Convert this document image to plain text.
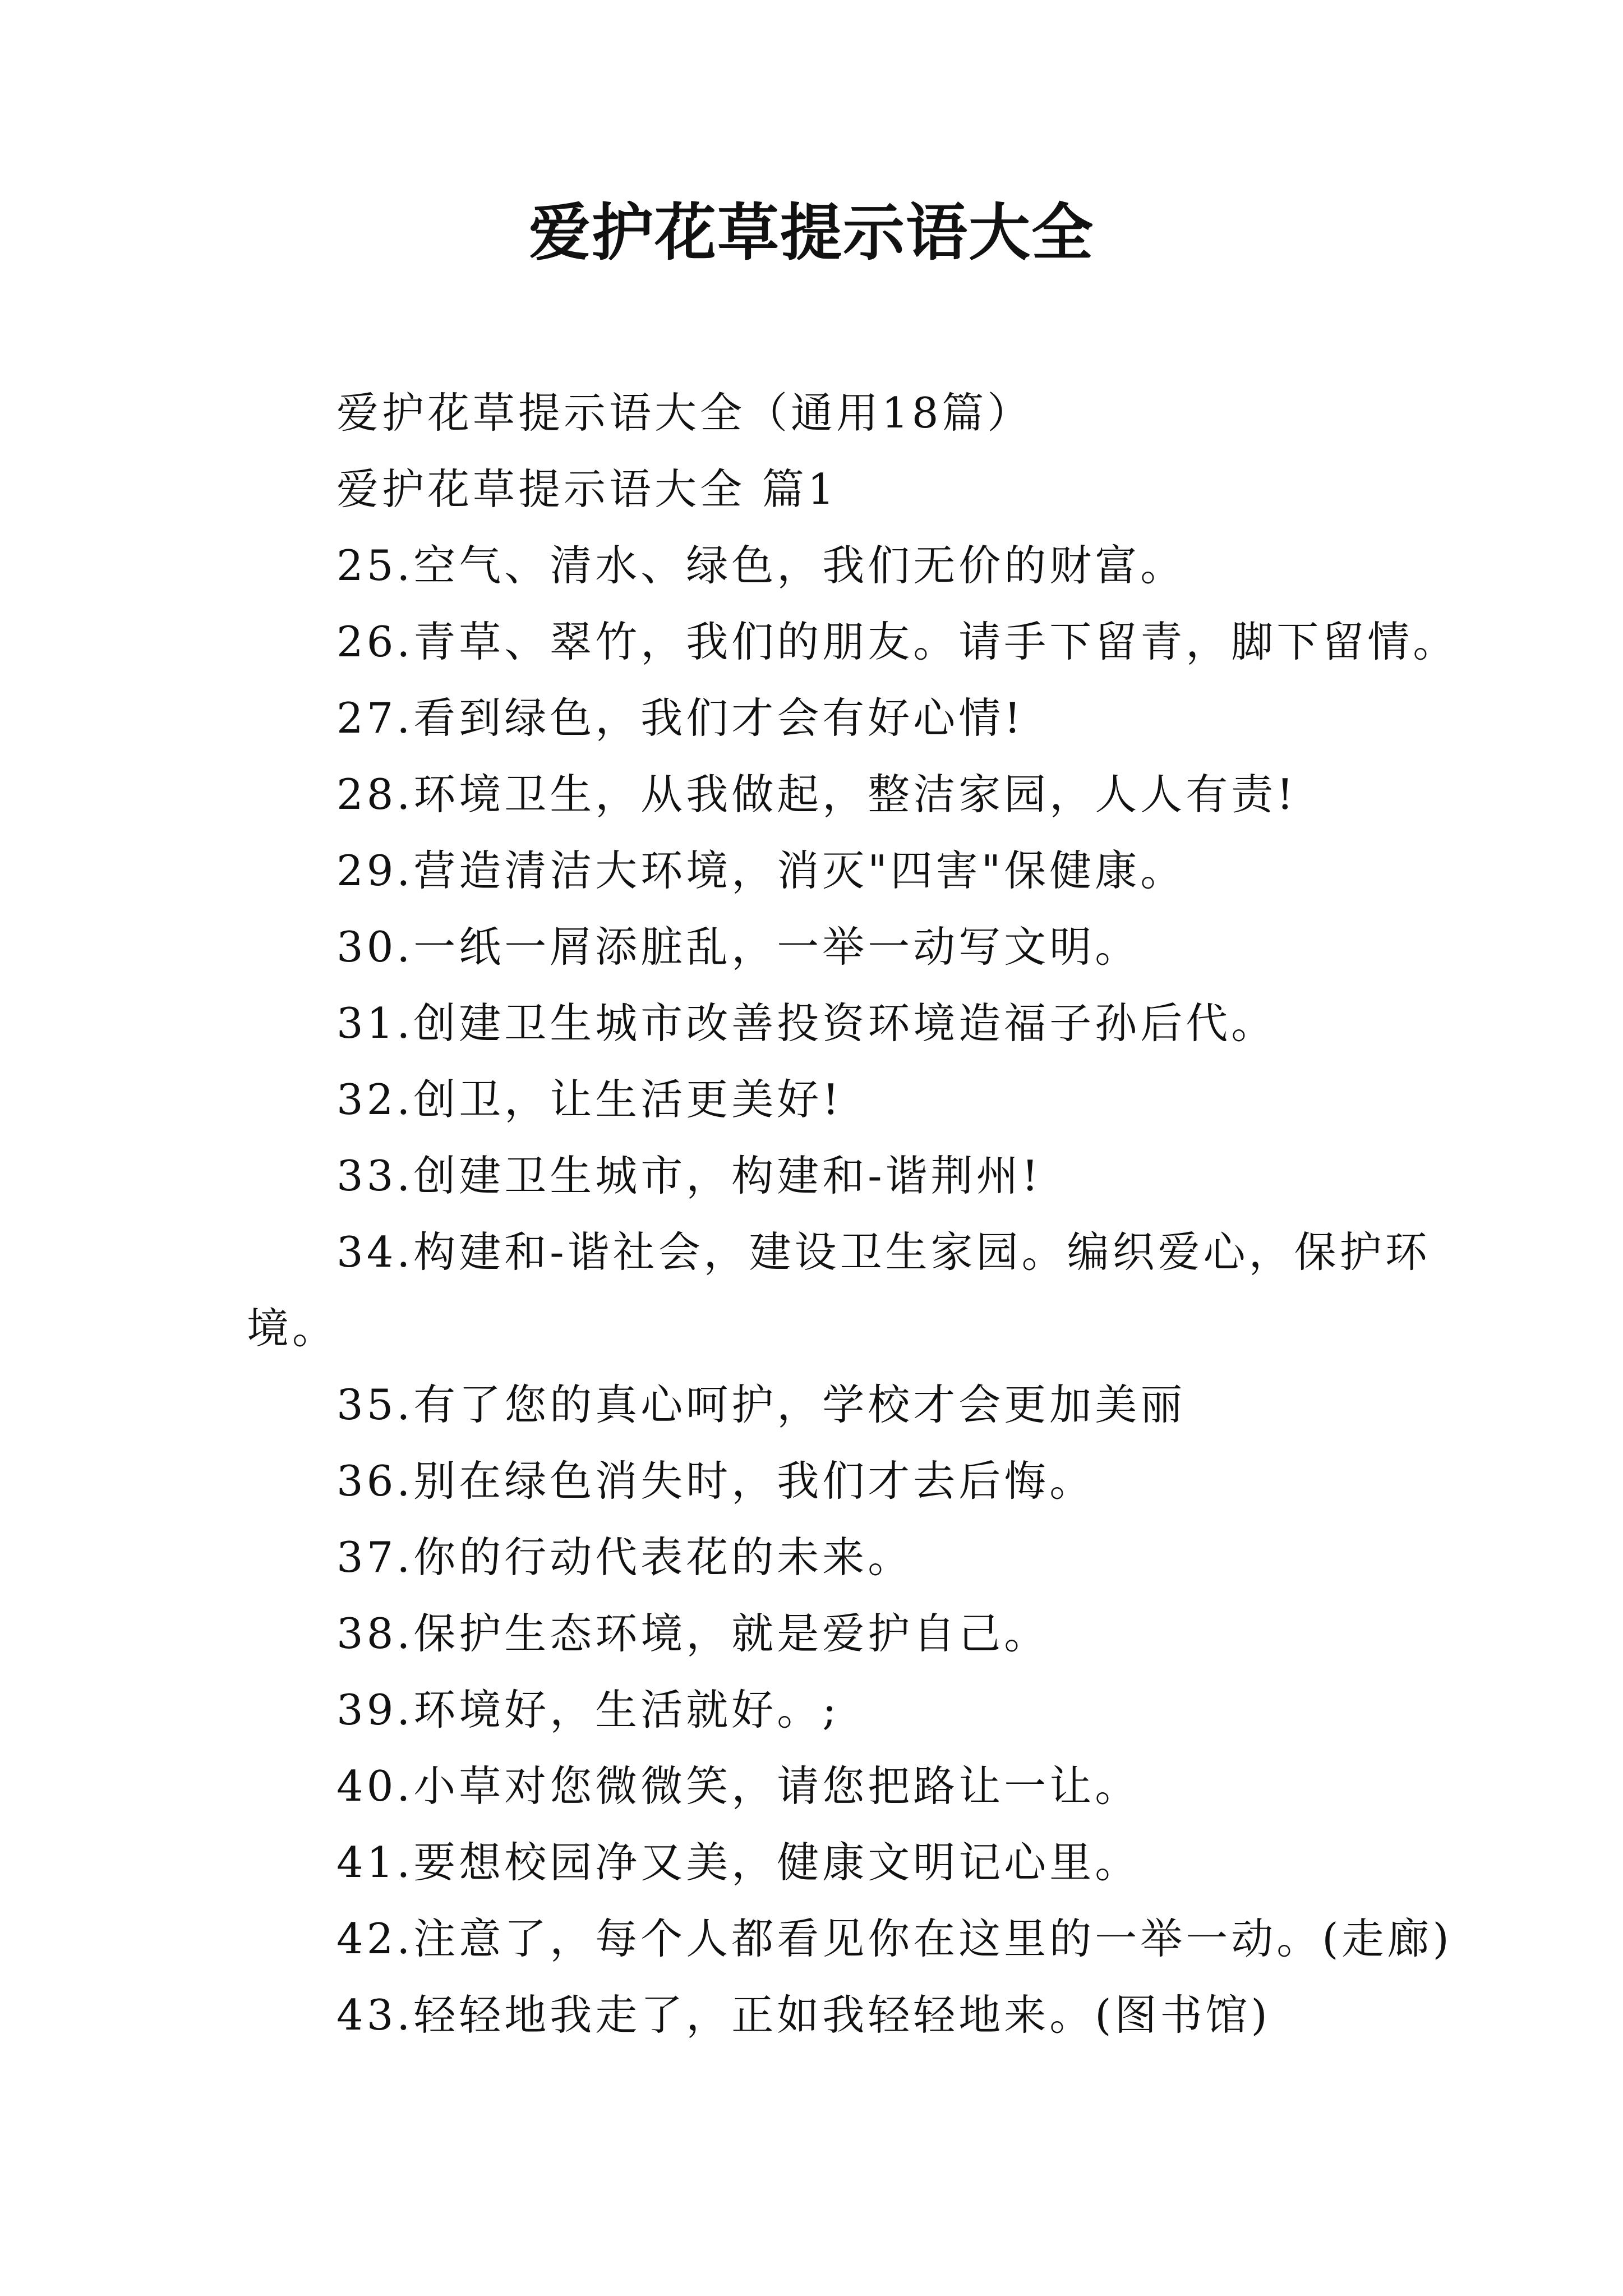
爱护花草提示语大全
爱护花草提示语大全（通用18篇）
爱护花草提示语大全 篇1
25.空气、清水、绿色，我们无价的财富。
26.青草、翠竹，我们的朋友。请手下留青，脚下留情。
27.看到绿色，我们才会有好心情!
28.环境卫生，从我做起，整洁家园，人人有责!
29.营造清洁大环境，消灭"四害"保健康。
30.一纸一屑添脏乱，一举一动写文明。
31.创建卫生城市改善投资环境造福子孙后代。
32.创卫，让生活更美好!
33.创建卫生城市，构建和-谐荆州!
34.构建和-谐社会，建设卫生家园。编织爱心，保护环
境。
35.有了您的真心呵护，学校才会更加美丽
36.别在绿色消失时，我们才去后悔。
37.你的行动代表花的未来。
38.保护生态环境，就是爱护自己。
39.环境好，生活就好。;
40.小草对您微微笑，请您把路让一让。
41.要想校园净又美，健康文明记心里。
42.注意了，每个人都看见你在这里的一举一动。(走廊)
43.轻轻地我走了，正如我轻轻地来。(图书馆)
